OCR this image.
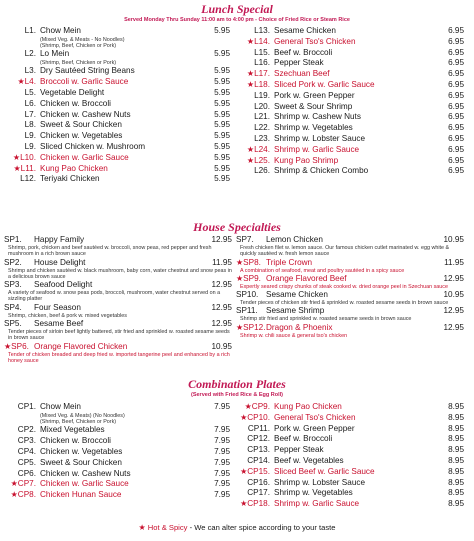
Lunch Special
Served Monday Thru Sunday 11:00 am to 4:00 pm - Choice of Fried Rice or Steam Rice
L1. Chow Mein	5.95
(Mixed Veg. & Meats - No Noodles)
(Shrimp, Beef, Chicken or Pork)
L2. Lo Mein	5.95
(Shrimp, Beef, Chicken or Pork)
L3. Dry Sautéed String Beans	5.95
★L4. Broccoli w. Garlic Sauce	5.95
L5. Vegetable Delight	5.95
L6. Chicken w. Broccoli	5.95
L7. Chicken w. Cashew Nuts	5.95
L8. Sweet & Sour Chicken	5.95
L9. Chicken w. Vegetables	5.95
L9. Sliced Chicken w. Mushroom	5.95
★L10. Chicken w. Garlic Sauce	5.95
★L11. Kung Pao Chicken	5.95
L12. Teriyaki Chicken	5.95
L13. Sesame Chicken	6.95
★L14. General Tso's Chicken	6.95
L15. Beef w. Broccoli	6.95
L16. Pepper Steak	6.95
★L17. Szechuan Beef	6.95
★L18. Sliced Pork w. Garlic Sauce	6.95
L19. Pork w. Green Pepper	6.95
L20. Sweet & Sour Shrimp	6.95
L21. Shrimp w. Cashew Nuts	6.95
L22. Shrimp w. Vegetables	6.95
L23. Shrimp w. Lobster Sauce	6.95
★L24. Shrimp w. Garlic Sauce	6.95
★L25. Kung Pao Shrimp	6.95
L26. Shrimp & Chicken Combo	6.95
House Specialties
SP1.	Happy Family	12.95
Shrimp, pork, chicken and beef sautéed w. broccoli, snow peas, red pepper and fresh mushroom in a rich brown sauce
SP2.	House Delight	11.95
Shrimp and chicken sautéed w. black mushroom, baby corn, water chestnut and snow peas in a delicious brown sauce
SP3.	Seafood Delight	12.95
A variety of seafood w. snow peas pods, broccoli, mushroom, water chestnut served on a sizzling platter
SP4.	Four Season	12.95
Shrimp, chicken, beef & pork w. mixed vegetables
SP5.	Sesame Beef	12.95
Tender pieces of sirloin beef lightly battered, stir fried and sprinkled w. roasted sesame seeds in brown sauce
★SP6. Orange Flavored Chicken	10.95
Tender of chicken breaded and deep fried w. imported tangerine peel and enhanced by a rich honey sauce
SP7.	Lemon Chicken	10.95
Fresh chicken filet w. lemon sauce. Our famous chicken cutlet marinated w. egg white & quickly sautéed w. fresh lemon sauce
★SP8. Triple Crown	11.95
A combination of seafood, meat and poultry sautéed in a spicy sauce
★SP9. Orange Flavored Beef	12.95
Expertly seared crispy chunks of steak cooked w. dried orange peel in Szechuan sauce
SP10. Sesame Chicken	10.95
Tender pieces of chicken stir fried & sprinkled w. roasted sesame seeds in brown sauce
SP11.	Sesame Shrimp	12.95
Shrimp stir fried and sprinkled w. roasted sesame seeds in brown sauce
★SP12. Dragon & Phoenix	12.95
Shrimp w. chili sauce & general tso's chicken
Combination Plates
(Served with Fried Rice & Egg Roll)
CP1. Chow Mein	7.95
(Mixed Veg. & Meats) (No Noodles)
(Shrimp, Beef, Chicken or Pork)
CP2. Mixed Vegetables	7.95
CP3. Chicken w. Broccoli	7.95
CP4. Chicken w. Vegetables	7.95
CP5. Sweet & Sour Chicken	7.95
CP6. Chicken w. Cashew Nuts	7.95
★CP7. Chicken w. Garlic Sauce	7.95
★CP8. Chicken Hunan Sauce	7.95
★CP9. Kung Pao Chicken	8.95
★CP10. General Tso's Chicken	8.95
CP11. Pork w. Green Pepper	8.95
CP12. Beef w. Broccoli	8.95
CP13. Pepper Steak	8.95
CP14. Beef w. Vegetables	8.95
★CP15. Sliced Beef w. Garlic Sauce	8.95
CP16. Shrimp w. Lobster Sauce	8.95
CP17. Shrimp w. Vegetables	8.95
★CP18. Shrimp w. Garlic Sauce	8.95
★ Hot & Spicy - We can alter spice according to your taste
